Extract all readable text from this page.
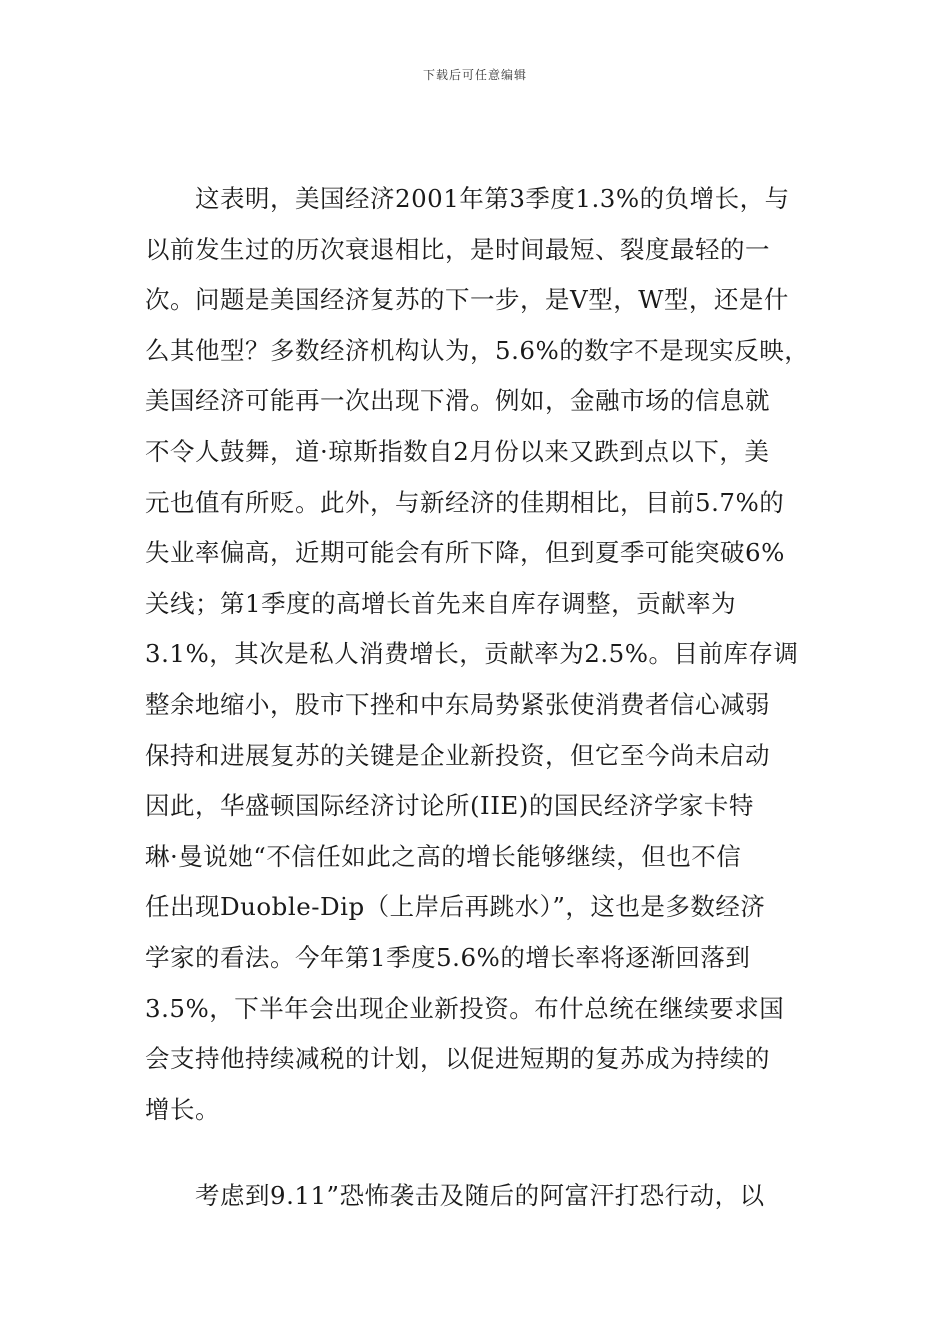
下载后可任意编辑
这表明，美国经济2001年第3季度1.3%的负增长，与
以前发生过的历次衰退相比，是时间最短、裂度最轻的一
次。问题是美国经济复苏的下一步，是V型，W型，还是什
么其他型？多数经济机构认为，5.6%的数字不是现实反映，
美国经济可能再一次出现下滑。例如，金融市场的信息就
不令人鼓舞，道·琼斯指数自2月份以来又跌到点以下，美
元也值有所贬。此外，与新经济的佳期相比，目前5.7%的
失业率偏高，近期可能会有所下降，但到夏季可能突破6%
关线；第1季度的高增长首先来自库存调整，贡献率为
3.1%，其次是私人消费增长，贡献率为2.5%。目前库存调
整余地缩小，股市下挫和中东局势紧张使消费者信心减弱
保持和进展复苏的关键是企业新投资，但它至今尚未启动
因此，华盛顿国际经济讨论所(IIE)的国民经济学家卡特
琳·曼说她“不信任如此之高的增长能够继续，但也不信
任出现Duoble-Dip（上岸后再跳水）”，这也是多数经济
学家的看法。今年第1季度5.6%的增长率将逐渐回落到
3.5%，下半年会出现企业新投资。布什总统在继续要求国
会支持他持续减税的计划，以促进短期的复苏成为持续的
增长。
考虑到9.11”恐怖袭击及随后的阿富汗打恐行动，以
